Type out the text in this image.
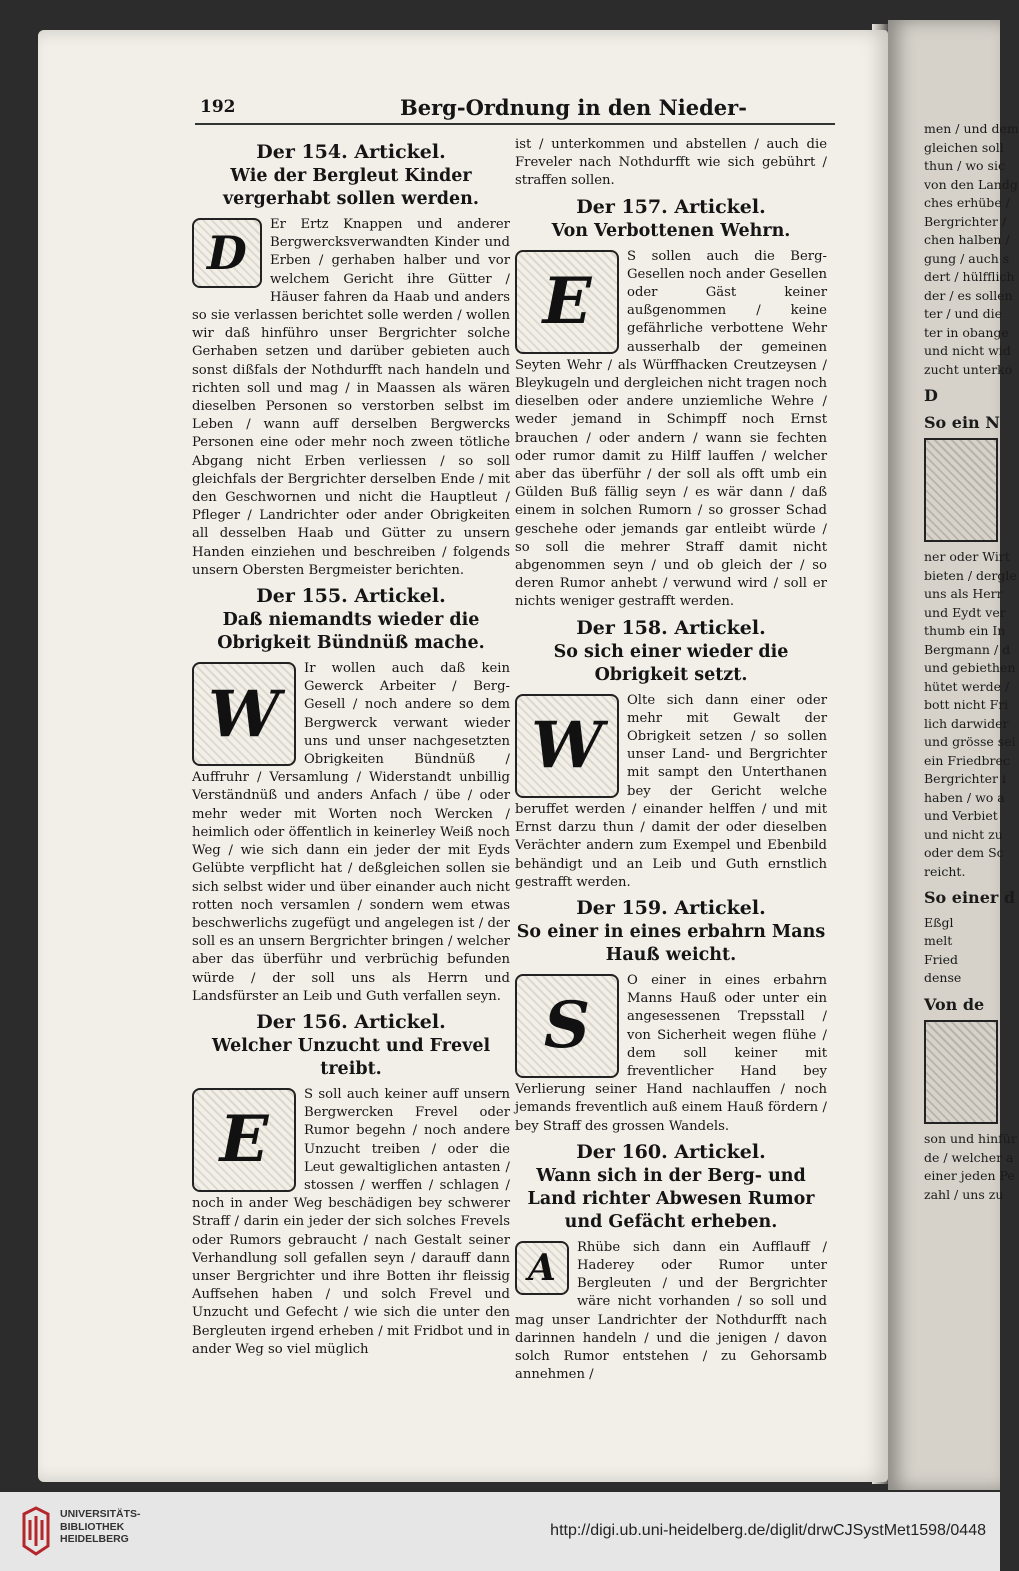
men / und dem
gleichen soll
thun / wo sic
von den Landg
ches erhübe /
Bergrichter /
chen halben /
gung / auch s
dert / hülfflich
der / es sollen
ter / und die
ter in obange
und nicht wid
zucht unterko
D
So ein N
ner oder Wirt
bieten / dergle
uns als Herr
und Eydt ver
thumb ein In
Bergmann / d
und gebiethen
hütet werde /
bott nicht Fri
lich darwider
und grösse sei
ein Friedbrec
Bergrichter i
haben / wo a
und Verbiet
und nicht zu
oder dem Sc
reicht.
So einer d
Eßgl
melt
Fried
dense
Von de
son und hinfür
de / welcher a
einer jeden Pe
zahl / uns zu
192	Berg-Ordnung in den Nieder-
Der 154. Artickel.
Wie der Bergleut Kinder vergerhabt sollen werden.
D

Er Ertz Knappen und anderer Bergwercksverwandten Kinder und Erben / gerhaben halber und vor welchem Gericht ihre Gütter / Häuser fahren da Haab und anders so sie verlassen berichtet solle werden / wollen wir daß hinführo unser Bergrichter solche Gerhaben setzen und darüber gebieten auch sonst dißfals der Nothdurfft nach handeln und richten soll und mag / in Maassen als wären dieselben Personen so verstorben selbst im Leben / wann auff derselben Bergwercks Personen eine oder mehr noch zween tötliche Abgang nicht Erben verliessen / so soll gleichfals der Bergrichter derselben Ende / mit den Geschwornen und nicht die Hauptleut / Pfleger / Landrichter oder ander Obrigkeiten all desselben Haab und Gütter zu unsern Handen einziehen und beschreiben / folgends unsern Obersten Bergmeister berichten.

Der 155. Artickel.
Daß niemandts wieder die Obrigkeit Bündnüß mache.
W

Ir wollen auch daß kein Gewerck Arbeiter / Berg-Gesell / noch andere so dem Bergwerck verwant wieder uns und unser nachgesetzten Obrigkeiten Bündnüß / Auffruhr / Versamlung / Widerstandt unbillig Verständnüß und anders Anfach / übe / oder mehr weder mit Worten noch Wercken / heimlich oder öffentlich in keinerley Weiß noch Weg / wie sich dann ein jeder der mit Eyds Gelübte verpflicht hat / deßgleichen sollen sie sich selbst wider und über einander auch nicht rotten noch versamlen / sondern wem etwas beschwerlichs zugefügt und angelegen ist / der soll es an unsern Bergrichter bringen / welcher aber das überführ und verbrüchig befunden würde / der soll uns als Herrn und Landsfürster an Leib und Guth verfallen seyn.

Der 156. Artickel.
Welcher Unzucht und Frevel treibt.
E

S soll auch keiner auff unsern Bergwercken Frevel oder Rumor begehn / noch andere Unzucht treiben / oder die Leut gewaltiglichen antasten / stossen / werffen / schlagen / noch in ander Weg beschädigen bey schwerer Straff / darin ein jeder der sich solches Frevels oder Rumors gebraucht / nach Gestalt seiner Verhandlung soll gefallen seyn / darauff dann unser Bergrichter und ihre Botten ihr fleissig Auffsehen haben / und solch Frevel und Unzucht und Gefecht / wie sich die unter den Bergleuten irgend erheben / mit Fridbot und in ander Weg so viel müglich

ist / unterkommen und abstellen / auch die Freveler nach Nothdurfft wie sich gebührt / straffen sollen.

Der 157. Artickel.
Von Verbottenen Wehrn.
E

S sollen auch die Berg-Gesellen noch ander Gesellen oder Gäst keiner außgenommen / keine gefährliche verbottene Wehr ausserhalb der gemeinen Seyten Wehr / als Würffhacken Creutzeysen / Bleykugeln und dergleichen nicht tragen noch dieselben oder andere unziemliche Wehre / weder jemand in Schimpff noch Ernst brauchen / oder andern / wann sie fechten oder rumor damit zu Hilff lauffen / welcher aber das überführ / der soll als offt umb ein Gülden Buß fällig seyn / es wär dann / daß einem in solchen Rumorn / so grosser Schad geschehe oder jemands gar entleibt würde / so soll die mehrer Straff damit nicht abgenommen seyn / und ob gleich der / so deren Rumor anhebt / verwund wird / soll er nichts weniger gestrafft werden.

Der 158. Artickel.
So sich einer wieder die Obrigkeit setzt.
W

Olte sich dann einer oder mehr mit Gewalt der Obrigkeit setzen / so sollen unser Land- und Bergrichter mit sampt den Unterthanen bey der Gericht welche beruffet werden / einander helffen / und mit Ernst darzu thun / damit der oder dieselben Verächter andern zum Exempel und Ebenbild behändigt und an Leib und Guth ernstlich gestrafft werden.

Der 159. Artickel.
So einer in eines erbahrn Mans Hauß weicht.
S

O einer in eines erbahrn Manns Hauß oder unter ein angesessenen Trepsstall / von Sicherheit wegen flühe / dem soll keiner mit freventlicher Hand bey Verlierung seiner Hand nachlauffen / noch jemands freventlich auß einem Hauß fördern / bey Straff des grossen Wandels.

Der 160. Artickel.
Wann sich in der Berg- und Land richter Abwesen Rumor und Gefächt erheben.
A	Rhübe sich dann ein Aufflauff / Haderey oder Rumor unter Bergleuten / und der Bergrichter wäre nicht vorhanden / so soll und mag unser Landrichter der Nothdurfft nach darinnen handeln / und die jenigen / davon solch Rumor entstehen / zu Gehorsamb annehmen /

UNIVERSITÄTS-
BIBLIOTHEK
HEIDELBERG	http://digi.ub.uni-heidelberg.de/diglit/drwCJSystMet1598/0448
